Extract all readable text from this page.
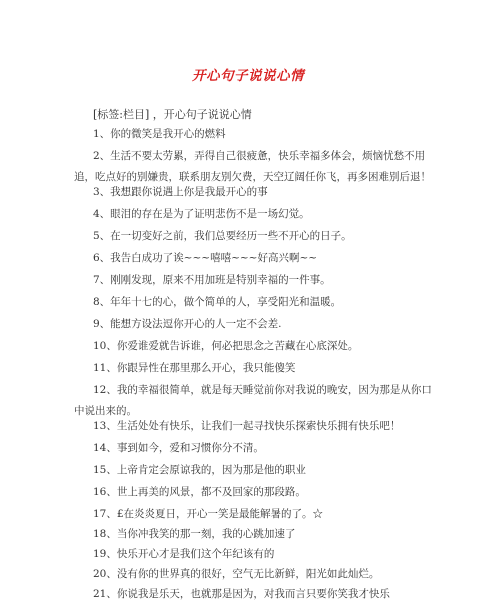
开心句子说说心情
[标签:栏目] ，开心句子说说心情
1、你的微笑是我开心的燃料
2、生活不要太劳累，弄得自己很疲惫，快乐幸福多体会，烦恼忧愁不用追，吃点好的别嫌贵，联系朋友别欠费，天空辽阔任你飞，再多困难别后退！
3、我想跟你说遇上你是我最开心的事
4、眼泪的存在是为了证明悲伤不是一场幻觉。
5、在一切变好之前，我们总要经历一些不开心的日子。
6、我告白成功了诶~~~嘻嘻~~~好高兴啊~~
7、刚刚发现，原来不用加班是特别幸福的一件事。
8、年年十七的心，做个简单的人，享受阳光和温暖。
9、能想方设法逗你开心的人一定不会差.
10、你爱谁爱就告诉谁，何必把思念之苦藏在心底深处。
11、你跟异性在那里那么开心，我只能傻笑
12、我的幸福很简单，就是每天睡觉前你对我说的晚安，因为那是从你口中说出来的。
13、生活处处有快乐，让我们一起寻找快乐探索快乐拥有快乐吧！
14、事到如今，爱和习惯你分不清。
15、上帝肯定会原谅我的，因为那是他的职业
16、世上再美的风景，都不及回家的那段路。
17、£在炎炎夏日，开心一笑是最能解暑的了。☆
18、当你冲我笑的那一刻，我的心跳加速了
19、快乐开心才是我们这个年纪该有的
20、没有你的世界真的很好，空气无比新鲜，阳光如此灿烂。
21、你说我是乐天，也就那是因为，对我而言只要你笑我才快乐
